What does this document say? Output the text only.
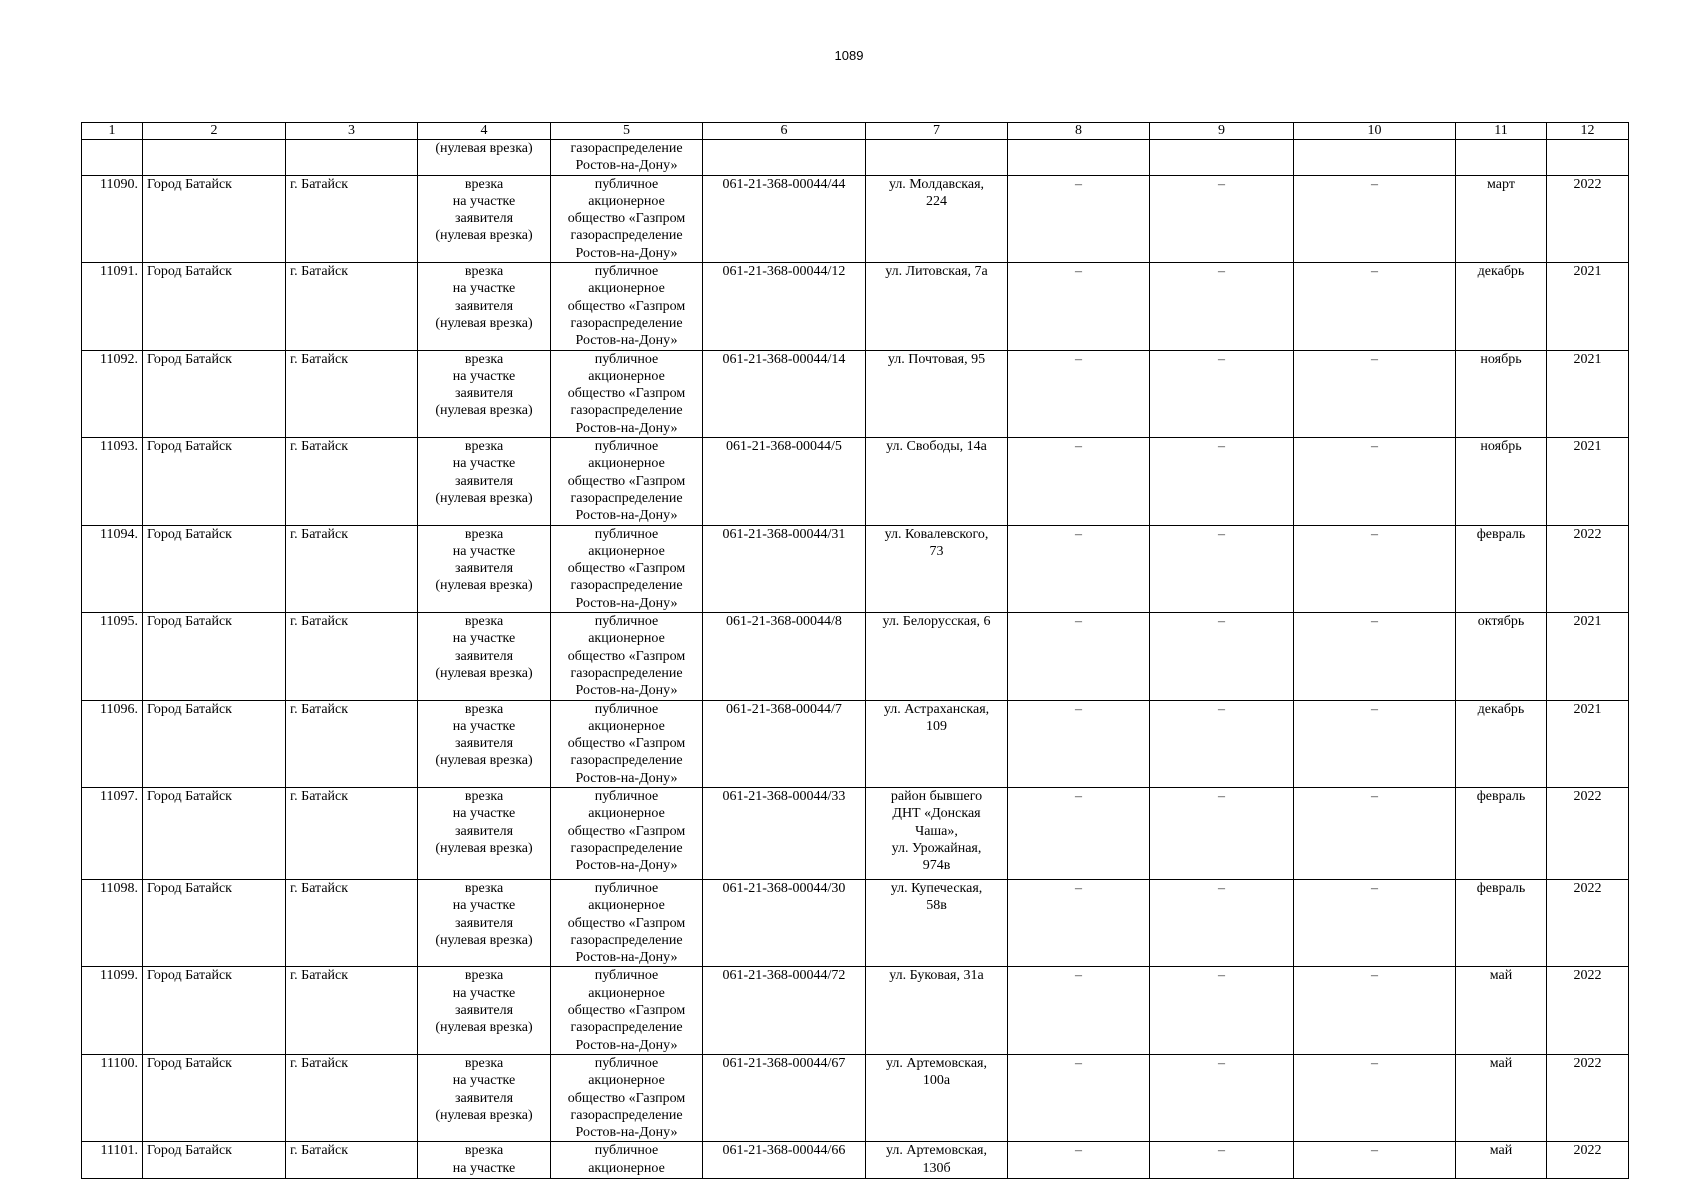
1089
1	2	3	4	5	6	7	8	9	10	11	12
			(нулевая врезка)	газораспределение
Ростов-на-Дону»							
11090.	Город Батайск	г. Батайск	врезка
на участке
заявителя
(нулевая врезка)	публичное
акционерное
общество «Газпром
газораспределение
Ростов-на-Дону»	061-21-368-00044/44	ул. Молдавская,
224	–	–	–	март	2022
11091.	Город Батайск	г. Батайск	врезка
на участке
заявителя
(нулевая врезка)	публичное
акционерное
общество «Газпром
газораспределение
Ростов-на-Дону»	061-21-368-00044/12	ул. Литовская, 7а	–	–	–	декабрь	2021
11092.	Город Батайск	г. Батайск	врезка
на участке
заявителя
(нулевая врезка)	публичное
акционерное
общество «Газпром
газораспределение
Ростов-на-Дону»	061-21-368-00044/14	ул. Почтовая, 95	–	–	–	ноябрь	2021
11093.	Город Батайск	г. Батайск	врезка
на участке
заявителя
(нулевая врезка)	публичное
акционерное
общество «Газпром
газораспределение
Ростов-на-Дону»	061-21-368-00044/5	ул. Свободы, 14а	–	–	–	ноябрь	2021
11094.	Город Батайск	г. Батайск	врезка
на участке
заявителя
(нулевая врезка)	публичное
акционерное
общество «Газпром
газораспределение
Ростов-на-Дону»	061-21-368-00044/31	ул. Ковалевского,
73	–	–	–	февраль	2022
11095.	Город Батайск	г. Батайск	врезка
на участке
заявителя
(нулевая врезка)	публичное
акционерное
общество «Газпром
газораспределение
Ростов-на-Дону»	061-21-368-00044/8	ул. Белорусская, 6	–	–	–	октябрь	2021
11096.	Город Батайск	г. Батайск	врезка
на участке
заявителя
(нулевая врезка)	публичное
акционерное
общество «Газпром
газораспределение
Ростов-на-Дону»	061-21-368-00044/7	ул. Астраханская,
109	–	–	–	декабрь	2021
11097.	Город Батайск	г. Батайск	врезка
на участке
заявителя
(нулевая врезка)	публичное
акционерное
общество «Газпром
газораспределение
Ростов-на-Дону»	061-21-368-00044/33	район бывшего
ДНТ «Донская
Чаша»,
ул. Урожайная,
974в	–	–	–	февраль	2022
11098.	Город Батайск	г. Батайск	врезка
на участке
заявителя
(нулевая врезка)	публичное
акционерное
общество «Газпром
газораспределение
Ростов-на-Дону»	061-21-368-00044/30	ул. Купеческая,
58в	–	–	–	февраль	2022
11099.	Город Батайск	г. Батайск	врезка
на участке
заявителя
(нулевая врезка)	публичное
акционерное
общество «Газпром
газораспределение
Ростов-на-Дону»	061-21-368-00044/72	ул. Буковая, 31а	–	–	–	май	2022
11100.	Город Батайск	г. Батайск	врезка
на участке
заявителя
(нулевая врезка)	публичное
акционерное
общество «Газпром
газораспределение
Ростов-на-Дону»	061-21-368-00044/67	ул. Артемовская,
100а	–	–	–	май	2022
11101.	Город Батайск	г. Батайск	врезка
на участке	публичное
акционерное	061-21-368-00044/66	ул. Артемовская,
130б	–	–	–	май	2022
